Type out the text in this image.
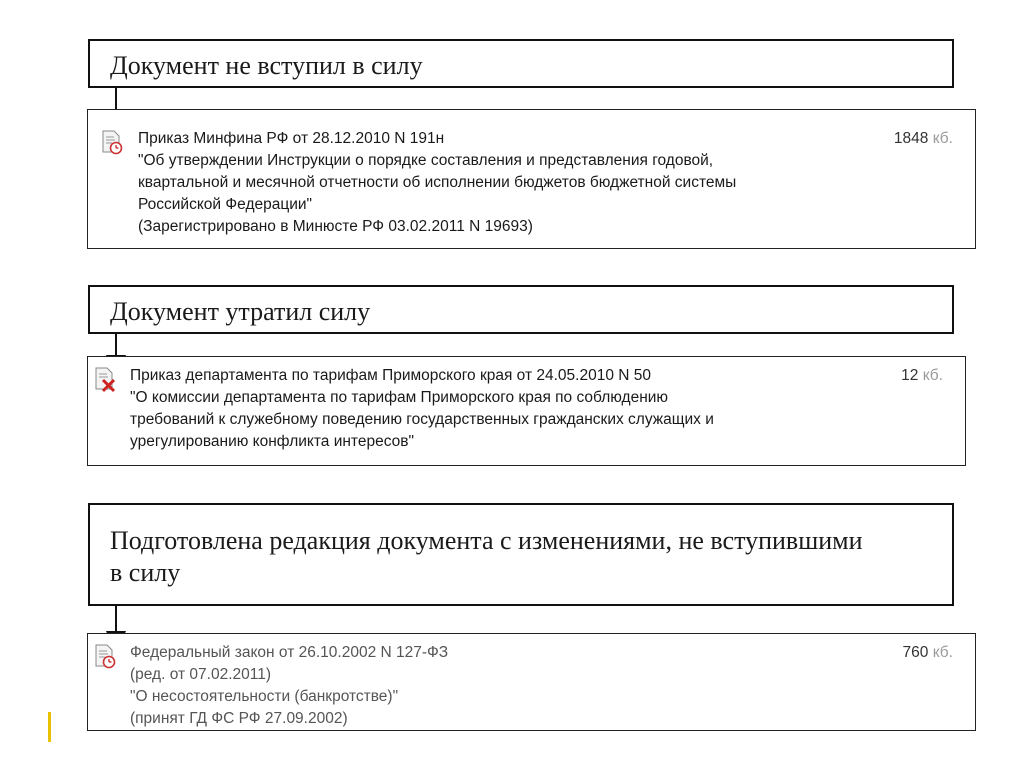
Документ не вступил в силу
Приказ Минфина РФ от 28.12.2010 N 191н
"Об утверждении Инструкции о порядке составления и представления годовой,
квартальной и месячной отчетности об исполнении бюджетов бюджетной системы
Российской Федерации"
(Зарегистрировано в Минюсте РФ 03.02.2011 N 19693)
1848 кб.
Документ утратил силу
Приказ департамента по тарифам Приморского края от 24.05.2010 N 50
"О комиссии департамента по тарифам Приморского края по соблюдению
требований к служебному поведению государственных гражданских служащих и
урегулированию конфликта интересов"
12 кб.
Подготовлена редакция документа с изменениями, не вступившими
в силу
Федеральный закон от 26.10.2002 N 127-ФЗ
(ред. от 07.02.2011)
"О несостоятельности (банкротстве)"
(принят ГД ФС РФ 27.09.2002)
760 кб.
